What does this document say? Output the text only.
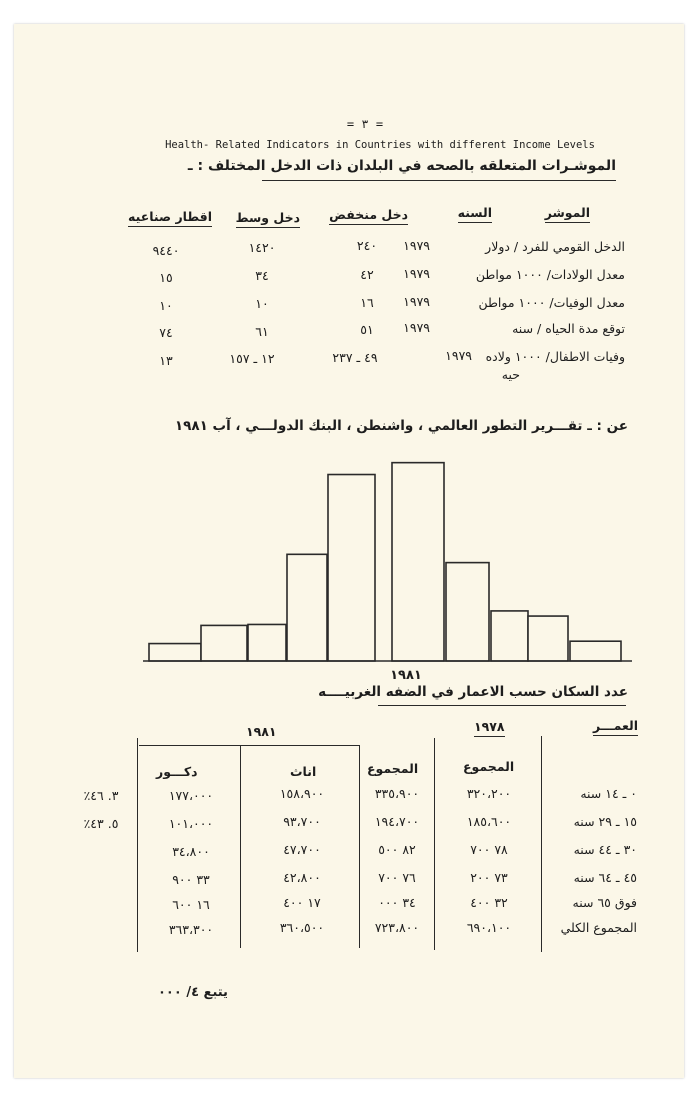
= ٣ =
Health- Related Indicators in Countries with different Income Levels
الموشـرات المتعلقه بالصحه في البلدان ذات الدخل المختلف : ـ
الموشر
السنه
دخل منخفض
دخل وسط
اقطار صناعيه
الدخل القومي للفرد / دولار
١٩٧٩
٢٤٠
١٤٢٠
٩٤٤٠
معدل الولادات/ ١٠٠٠ مواطن
١٩٧٩
٤٢
٣٤
١٥
معدل الوفيات/ ١٠٠٠ مواطن
١٩٧٩
١٦
١٠
١٠
توقع مدة الحياه / سنه
١٩٧٩
٥١
٦١
٧٤
وفيات الاطفال/ ١٠٠٠ ولاده
حيه
١٩٧٩
٤٩ ـ ٢٣٧
١٢ ـ ١٥٧
١٣
عن : ـ تقـــرير التطور العالمي ، واشنطن ، البنك الدولـــي ، آب ١٩٨١
١٩٨١
عدد السكان حسب الاعمار في الضفه الغربيــــه
١٩٨١	١٩٧٨	العمـــر
المجموع
المجموع
اناث
دكـــور
٠ ـ ١٤ سنه
٣٢٠،٢٠٠
٣٣٥،٩٠٠
١٥٨،٩٠٠
١٧٧،٠٠٠
٣. ٤٦٪
١٥ ـ ٢٩ سنه
١٨٥،٦٠٠
١٩٤،٧٠٠
٩٣،٧٠٠
١٠١،٠٠٠
٥. ٤٣٪
٣٠ ـ ٤٤ سنه
٧٨ ٧٠٠
٨٢ ٥٠٠
٤٧،٧٠٠
٣٤،٨٠٠
٤٥ ـ ٦٤ سنه
٧٣ ٢٠٠
٧٦ ٧٠٠
٤٢،٨٠٠
٣٣ ٩٠٠
فوق ٦٥ سنه
٣٢ ٤٠٠
٣٤ ٠٠٠
١٧ ٤٠٠
١٦ ٦٠٠
المجموع الكلي
٦٩٠،١٠٠
٧٢٣،٨٠٠
٣٦٠،٥٠٠
٣٦٣،٣٠٠
يتبع ٤/ ٠٠٠
